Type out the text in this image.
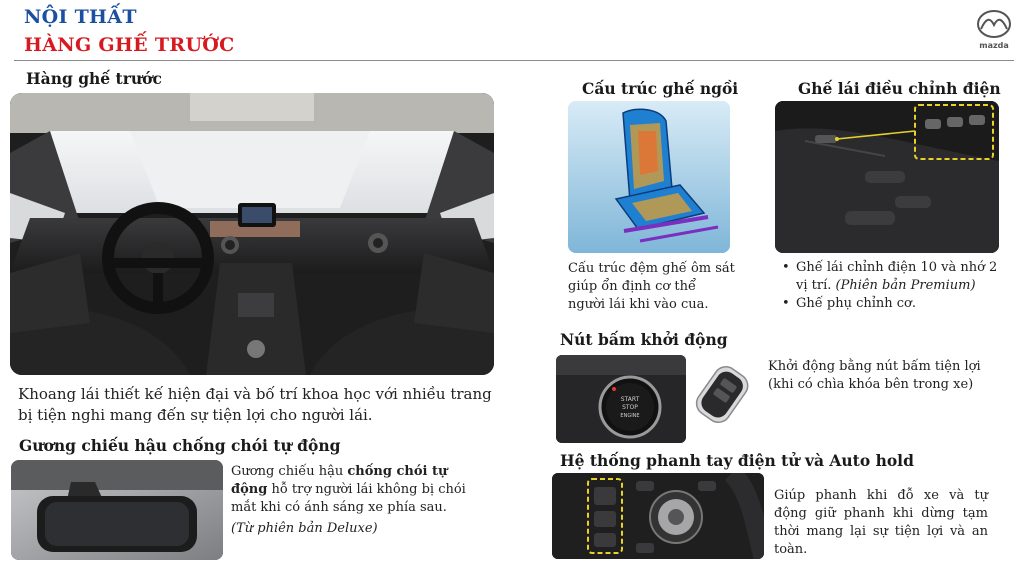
NỘI THẤT
HÀNG GHẾ TRƯỚC	mazda
Hàng ghế trước
Khoang lái thiết kế hiện đại và bố trí khoa học với nhiều trang bị tiện nghi mang đến sự tiện lợi cho người lái.
Gương chiếu hậu chống chói tự động
Gương chiếu hậu chống chói tự động hỗ trợ người lái không bị chói mắt khi có ánh sáng xe phía sau.
(Từ phiên bản Deluxe)
Cấu trúc ghế ngồi
Cấu trúc đệm ghế ôm sát giúp ổn định cơ thể người lái khi vào cua.
Ghế lái điều chỉnh điện
• Ghế lái chỉnh điện 10 và nhớ 2 vị trí. (Phiên bản Premium)
• Ghế phụ chỉnh cơ.
Nút bấm khởi động
START
STOP
ENGINE
Khởi động bằng nút bấm tiện lợi (khi có chìa khóa bên trong xe)
Hệ thống phanh tay điện tử và Auto hold
Giúp phanh khi đỗ xe và tự động giữ phanh khi dừng tạm thời mang lại sự tiện lợi và an toàn.
